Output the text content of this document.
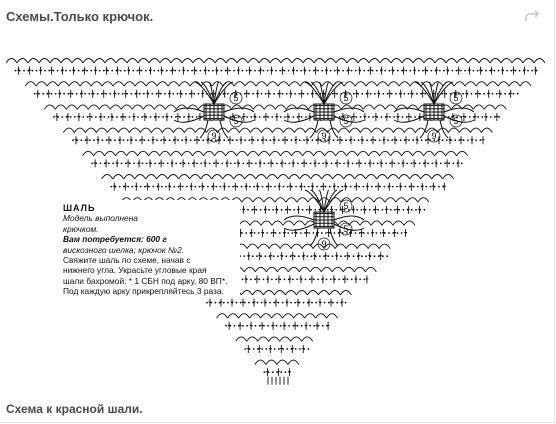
Схемы.Только крючок.
5
5
9
5
5
9
5
5
9
5
5
9
ШАЛЬ
Модель выполнена
крючком.
Вам потребуется: 600 г
вискозного шелка; крючок №2.
Свяжите шаль по схеме, начав с
нижнего угла. Украсьте угловые края
шали бахромой: * 1 СБН под арку, 80 ВП*.
Под каждую арку прикрепляйтесь 3 раза.
Схема к красной шали.
